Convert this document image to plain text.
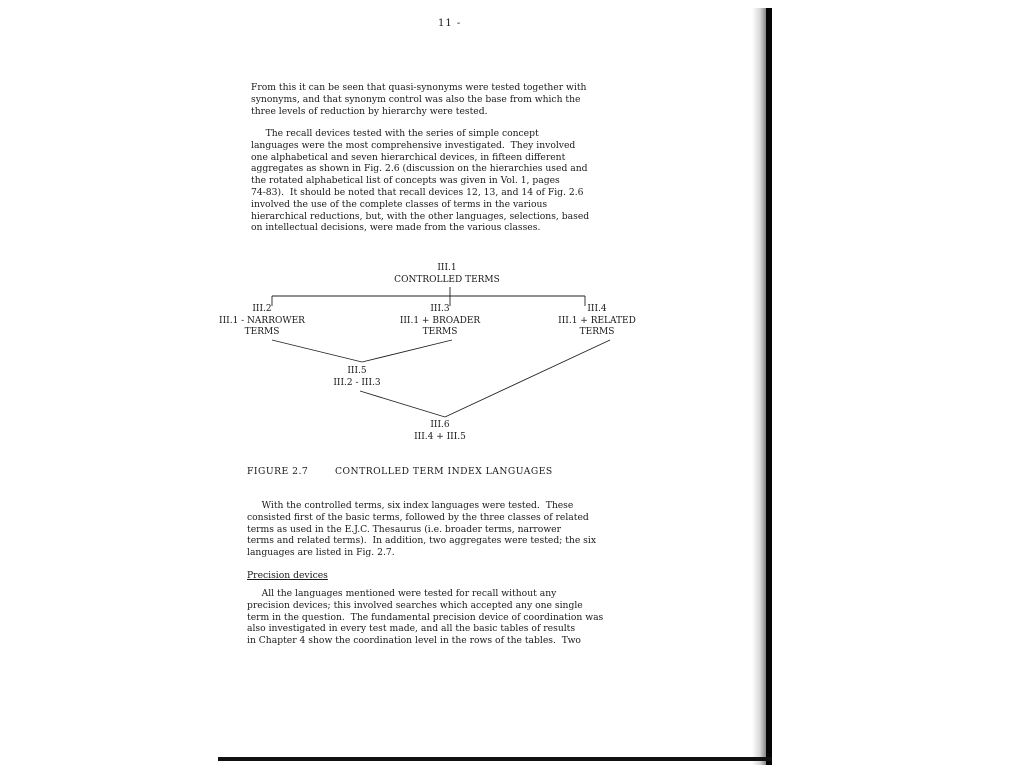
11 -

From this it can be seen that quasi-synonyms were tested together with
synonyms, and that synonym control was also the base from which the
three levels of reduction by hierarchy were tested.

The recall devices tested with the series of simple concept
languages were the most comprehensive investigated.  They involved
one alphabetical and seven hierarchical devices, in fifteen different
aggregates as shown in Fig. 2.6 (discussion on the hierarchies used and
the rotated alphabetical list of concepts was given in Vol. 1, pages
74-83).  It should be noted that recall devices 12, 13, and 14 of Fig. 2.6
involved the use of the complete classes of terms in the various
hierarchical reductions, but, with the other languages, selections, based
on intellectual decisions, were made from the various classes.

III.1
CONTROLLED TERMS
III.2
III.1 - NARROWER
TERMS
III.3
III.1 + BROADER
TERMS
III.4
III.1 + RELATED
TERMS
III.5
III.2 - III.3
III.6
III.4 + III.5
FIGURE 2.7	CONTROLLED TERM INDEX LANGUAGES

With the controlled terms, six index languages were tested.  These
consisted first of the basic terms, followed by the three classes of related
terms as used in the E.J.C. Thesaurus (i.e. broader terms, narrower
terms and related terms).  In addition, two aggregates were tested; the six
languages are listed in Fig. 2.7.

Precision devices

All the languages mentioned were tested for recall without any
precision devices; this involved searches which accepted any one single
term in the question.  The fundamental precision device of coordination was
also investigated in every test made, and all the basic tables of results
in Chapter 4 show the coordination level in the rows of the tables.  Two
